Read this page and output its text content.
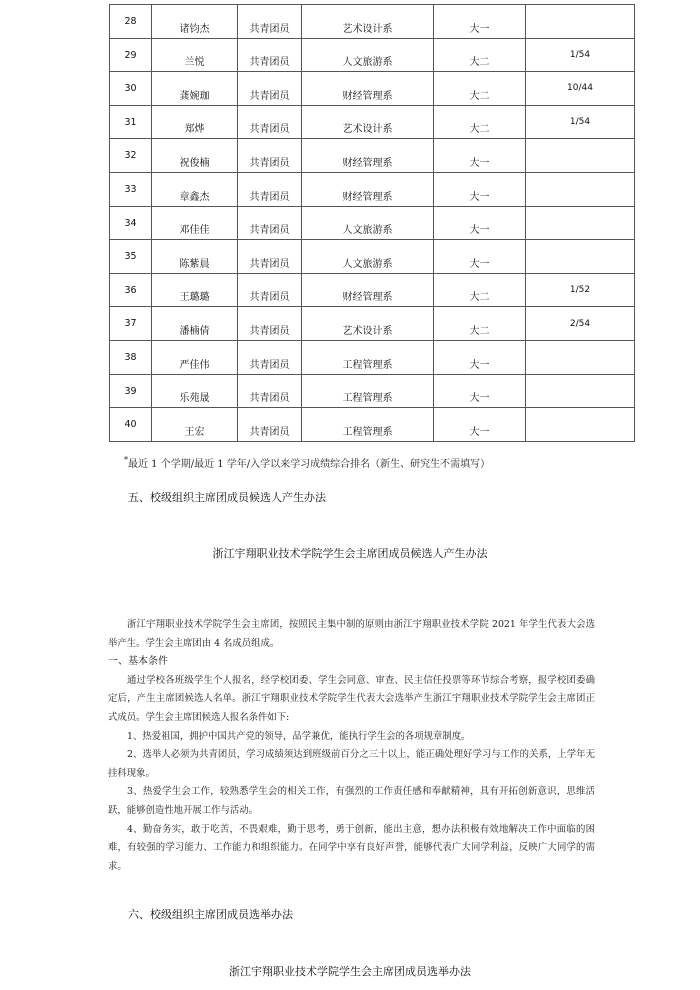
28	诸钧杰	共青团员	艺术设计系	大一	

29	兰悦	共青团员	人文旅游系	大二	1/54

30	龚婉珈	共青团员	财经管理系	大二	10/44

31	郑烨	共青团员	艺术设计系	大二	1/54

32	祝俊楠	共青团员	财经管理系	大一	

33	章鑫杰	共青团员	财经管理系	大一	

34	邓佳佳	共青团员	人文旅游系	大一	

35	陈紫晨	共青团员	人文旅游系	大一	

36	王璐璐	共青团员	财经管理系	大二	1/52

37	潘楠倩	共青团员	艺术设计系	大二	2/54

38	严佳伟	共青团员	工程管理系	大一	

39	乐苑晟	共青团员	工程管理系	大一	

40	王宏	共青团员	工程管理系	大一	

*最近 1 个学期/最近 1 学年/入学以来学习成绩综合排名（新生、研究生不需填写）
五、校级组织主席团成员候选人产生办法
浙江宇翔职业技术学院学生会主席团成员候选人产生办法

浙江宇翔职业技术学院学生会主席团，按照民主集中制的原则由浙江宇翔职业技术学院 2021 年学生代表大会选举产生。学生会主席团由 4 名成员组成。

一、基本条件

通过学校各班级学生个人报名，经学校团委、学生会同意、审查、民主信任投票等环节综合考察，报学校团委确定后，产生主席团候选人名单。浙江宇翔职业技术学院学生代表大会选举产生浙江宇翔职业技术学院学生会主席团正式成员。学生会主席团候选人报名条件如下:

1、热爱祖国，拥护中国共产党的领导，品学兼优，能执行学生会的各项规章制度。

2、选举人必须为共青团员，学习成绩须达到班级前百分之三十以上，能正确处理好学习与工作的关系，上学年无挂科现象。

3、热爱学生会工作，较熟悉学生会的相关工作，有强烈的工作责任感和奉献精神，具有开拓创新意识，思维活跃，能够创造性地开展工作与活动。

4、勤奋务实，敢于吃苦，不畏艰难，勤于思考，勇于创新，能出主意，想办法积极有效地解决工作中面临的困难，有较强的学习能力、工作能力和组织能力。在同学中享有良好声誉，能够代表广大同学利益，反映广大同学的需求。

六、校级组织主席团成员选举办法
浙江宇翔职业技术学院学生会主席团成员选举办法
